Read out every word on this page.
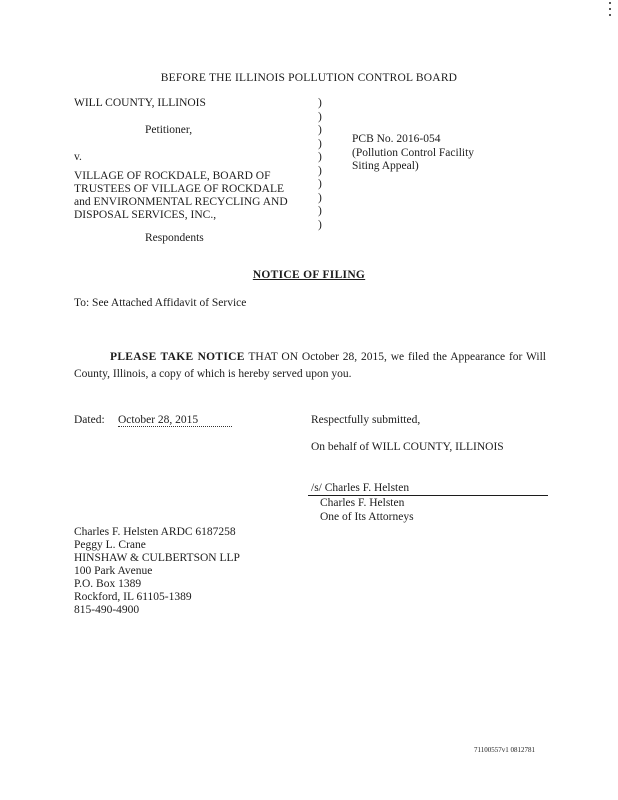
BEFORE THE ILLINOIS POLLUTION CONTROL BOARD
WILL COUNTY, ILLINOIS
Petitioner,
v.
VILLAGE OF ROCKDALE, BOARD OF
TRUSTEES OF VILLAGE OF ROCKDALE
and ENVIRONMENTAL RECYCLING AND
DISPOSAL SERVICES, INC.,
Respondents
)
)
)
)
)
)
)
)
)
)
PCB No. 2016-054
(Pollution Control Facility
Siting Appeal)
NOTICE OF FILING
To: See Attached Affidavit of Service
PLEASE TAKE NOTICE THAT ON October 28, 2015, we filed the Appearance for Will County, Illinois, a copy of which is hereby served upon you.
Dated: October 28, 2015	Respectfully submitted,
On behalf of WILL COUNTY, ILLINOIS
/s/ Charles F. Helsten
Charles F. Helsten
One of Its Attorneys
Charles F. Helsten ARDC 6187258
Peggy L. Crane
HINSHAW & CULBERTSON LLP
100 Park Avenue
P.O. Box 1389
Rockford, IL 61105-1389
815-490-4900
71100557v1 0812781
